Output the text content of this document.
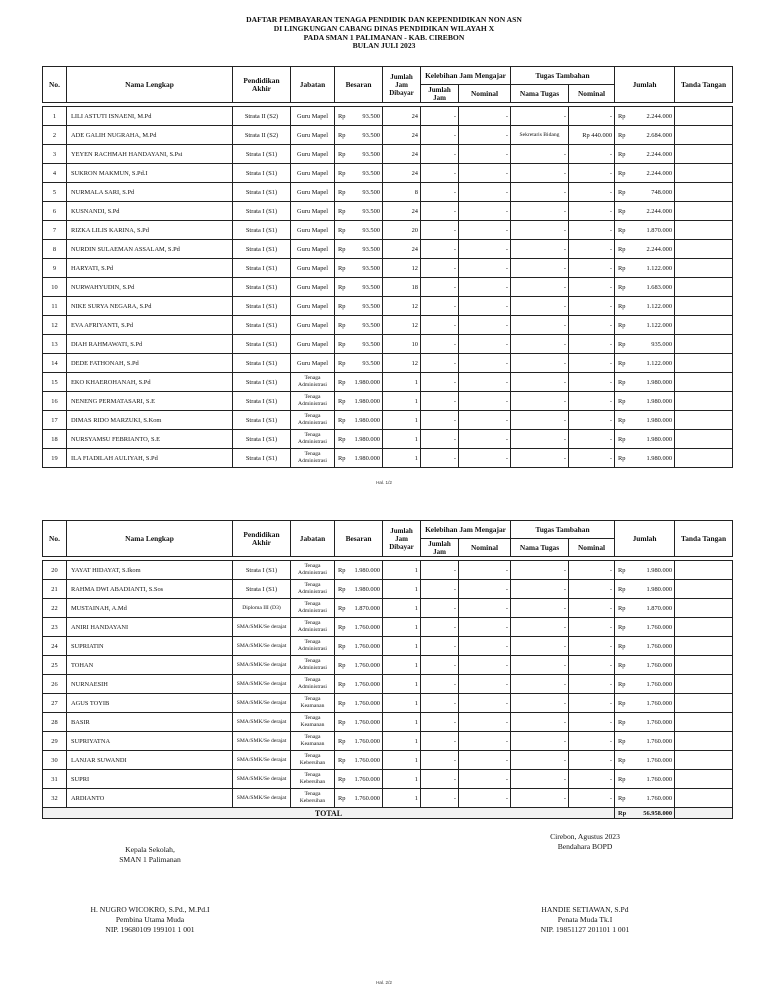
DAFTAR PEMBAYARAN TENAGA PENDIDIK DAN KEPENDIDIKAN NON ASN
DI LINGKUNGAN CABANG DINAS PENDIDIKAN WILAYAH X
PADA SMAN 1 PALIMANAN - KAB. CIREBON
BULAN JULI 2023
No.	Nama Lengkap	Pendidikan Akhir	Jabatan	Besaran	Jumlah Jam Dibayar	Kelebihan Jam Mengajar		Tugas Tambahan		Jumlah	Tanda Tangan
						Jumlah Jam	Nominal	Nama Tugas	Nominal		

1	LILI ASTUTI ISNAENI, M.Pd	Strata II (S2)	Guru Mapel	Rp 93.500	24	-	-	-	-	Rp 2.244.000	

2	ADE GALIH NUGRAHA, M.Pd	Strata II (S2)	Guru Mapel	Rp 93.500	24	-	-	Sekretaris Bidang	Rp 440.000	Rp 2.684.000	

3	YEYEN RACHMAH HANDAYANI, S.Psi	Strata I (S1)	Guru Mapel	Rp 93.500	24	-	-	-	-	Rp 2.244.000	

4	SUKRON MAKMUN, S.Pd.I	Strata I (S1)	Guru Mapel	Rp 93.500	24	-	-	-	-	Rp 2.244.000	

5	NURMALA SARI, S.Pd	Strata I (S1)	Guru Mapel	Rp 93.500	8	-	-	-	-	Rp 748.000	

6	KUSNANDI, S.Pd	Strata I (S1)	Guru Mapel	Rp 93.500	24	-	-	-	-	Rp 2.244.000	

7	RIZKA LILIS KARINA, S.Pd	Strata I (S1)	Guru Mapel	Rp 93.500	20	-	-	-	-	Rp 1.870.000	

8	NURDIN SULAEMAN ASSALAM, S.Pd	Strata I (S1)	Guru Mapel	Rp 93.500	24	-	-	-	-	Rp 2.244.000	

9	HARYATI, S.Pd	Strata I (S1)	Guru Mapel	Rp 93.500	12	-	-	-	-	Rp 1.122.000	

10	NURWAHYUDIN, S.Pd	Strata I (S1)	Guru Mapel	Rp 93.500	18	-	-	-	-	Rp 1.683.000	

11	NIKE SURYA NEGARA, S.Pd	Strata I (S1)	Guru Mapel	Rp 93.500	12	-	-	-	-	Rp 1.122.000	

12	EVA AFRIYANTI, S.Pd	Strata I (S1)	Guru Mapel	Rp 93.500	12	-	-	-	-	Rp 1.122.000	

13	DIAH RAHMAWATI, S.Pd	Strata I (S1)	Guru Mapel	Rp 93.500	10	-	-	-	-	Rp 935.000	

14	DEDE FATHONAH, S.Pd	Strata I (S1)	Guru Mapel	Rp 93.500	12	-	-	-	-	Rp 1.122.000	

15	EKO KHAEROHANAH, S.Pd	Strata I (S1)	Tenaga Administrasi	Rp 1.980.000	1	-	-	-	-	Rp 1.980.000	

16	NENENG PERMATASARI, S.E	Strata I (S1)	Tenaga Administrasi	Rp 1.980.000	1	-	-	-	-	Rp 1.980.000	

17	DIMAS RIDO MARZUKI, S.Kom	Strata I (S1)	Tenaga Administrasi	Rp 1.980.000	1	-	-	-	-	Rp 1.980.000	

18	NURSYAMSU FEBRIANTO, S.E	Strata I (S1)	Tenaga Administrasi	Rp 1.980.000	1	-	-	-	-	Rp 1.980.000	

19	ILA FIADILAH AULIYAH, S.Pd	Strata I (S1)	Tenaga Administrasi	Rp 1.980.000	1	-	-	-	-	Rp 1.980.000	

Hal. 1/2
No.	Nama Lengkap	Pendidikan Akhir	Jabatan	Besaran	Jumlah Jam Dibayar	Kelebihan Jam Mengajar		Tugas Tambahan		Jumlah	Tanda Tangan
						Jumlah Jam	Nominal	Nama Tugas	Nominal		

20	YAYAT HIDAYAT, S.Ikom	Strata I (S1)	Tenaga Administrasi	Rp 1.980.000	1	-	-	-	-	Rp 1.980.000	

21	RAHMA DWI ABADIANTI, S.Sos	Strata I (S1)	Tenaga Administrasi	Rp 1.980.000	1	-	-	-	-	Rp 1.980.000	

22	MUSTAINAH, A.Md	Diploma III (D3)	Tenaga Administrasi	Rp 1.870.000	1	-	-	-	-	Rp 1.870.000	

23	ANIRI HANDAYANI	SMA/SMK/Se derajat	Tenaga Administrasi	Rp 1.760.000	1	-	-	-	-	Rp 1.760.000	

24	SUPRIATIN	SMA/SMK/Se derajat	Tenaga Administrasi	Rp 1.760.000	1	-	-	-	-	Rp 1.760.000	

25	TOHAN	SMA/SMK/Se derajat	Tenaga Administrasi	Rp 1.760.000	1	-	-	-	-	Rp 1.760.000	

26	NURNAESIH	SMA/SMK/Se derajat	Tenaga Administrasi	Rp 1.760.000	1	-	-	-	-	Rp 1.760.000	

27	AGUS TOYIB	SMA/SMK/Se derajat	Tenaga Keamanan	Rp 1.760.000	1	-	-	-	-	Rp 1.760.000	

28	BASIR	SMA/SMK/Se derajat	Tenaga Keamanan	Rp 1.760.000	1	-	-	-	-	Rp 1.760.000	

29	SUPRIYATNA	SMA/SMK/Se derajat	Tenaga Keamanan	Rp 1.760.000	1	-	-	-	-	Rp 1.760.000	

30	LANJAR SUWANDI	SMA/SMK/Se derajat	Tenaga Kebersihan	Rp 1.760.000	1	-	-	-	-	Rp 1.760.000	

31	SUPRI	SMA/SMK/Se derajat	Tenaga Kebersihan	Rp 1.760.000	1	-	-	-	-	Rp 1.760.000	

32	ARDIANTO	SMA/SMK/Se derajat	Tenaga Kebersihan	Rp 1.760.000	1	-	-	-	-	Rp 1.760.000	

TOTAL										Rp 56.958.000	

Cirebon, Agustus 2023
Bendahara BOPD
Kepala Sekolah,
SMAN 1 Palimanan
H. NUGRO WICOKRO, S.Pd., M.Pd.I
Pembina Utama Muda
NIP. 19680109 199101 1 001
HANDIE SETIAWAN, S.Pd
Penata Muda Tk.I
NIP. 19851127 201101 1 001
Hal. 2/2
